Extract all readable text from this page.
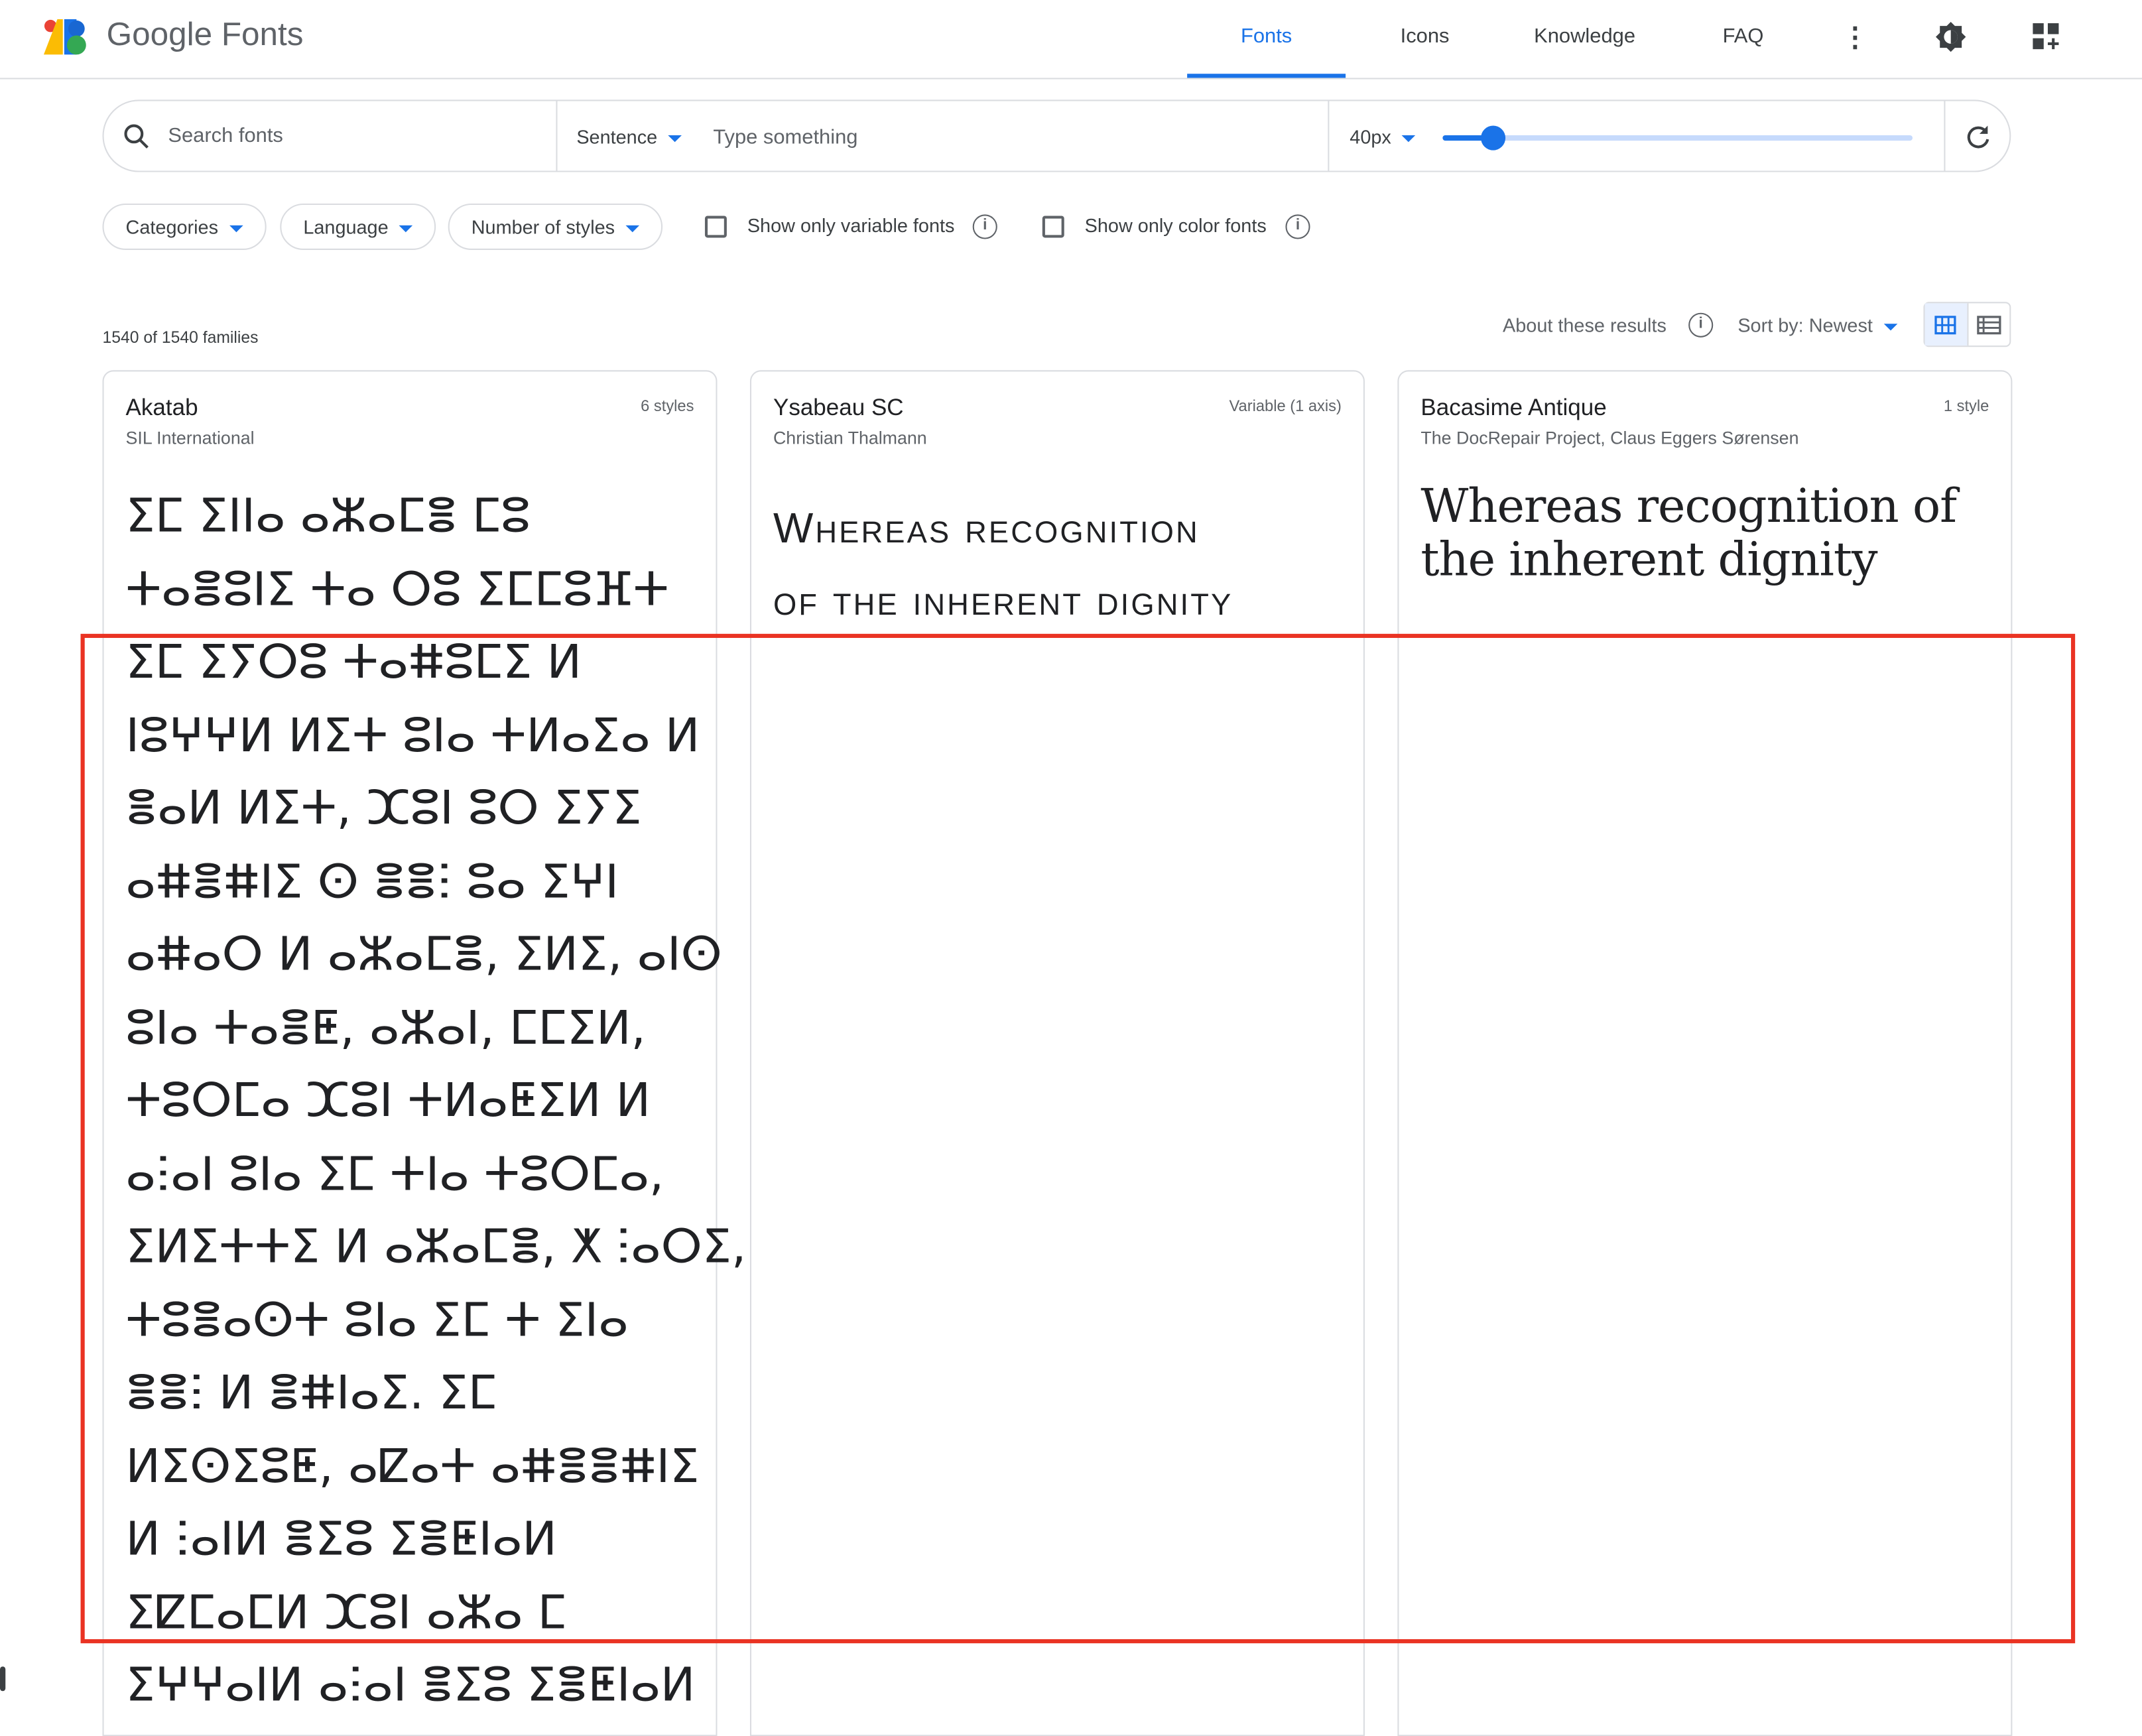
Google Fonts	Fonts	Icons	Knowledge	FAQ	⋮
Search fonts	Sentence	Type something	40px
Categories	Language	Number of styles	Show only variable fonts	i	Show only color fonts	i
1540 of 1540 families
About these results	i	Sort by: Newest
Akatab
SIL International
6 styles
ⵉⵎ ⵉⵏⵏⴰ ⴰⵣⴰⵎⴻ ⵎⵓ
ⵜⴰⴻⵓⵏⵉ ⵜⴰ ⵔⵓ ⵉⵎⵎⵓⴼⵜ
ⵉⵎ ⵉⵢⵔⵓ ⵜⴰⵌⵓⵎⵉ ⵍ
ⵏⵓⵖⵖⵍ ⵍⵉⵜ ⵓⵏⴰ ⵜⵍⴰⵉⴰ ⵍ
ⴻⴰⵍ ⵍⵉⵜ, ⵋⵓⵏ ⵓⵔ ⵉⵢⵉ
ⴰⵌⴻⵌⵏⵉ ⵙ ⴻⴻⵗ ⵓⴰ ⵉⵖⵏ
ⴰⵌⴰⵔ ⵍ ⴰⵣⴰⵎⴻ, ⵉⵍⵉ, ⴰⵏⵙ
ⵓⵏⴰ ⵜⴰⴻⵟ, ⴰⵣⴰⵏ, ⵎⵎⵉⵍ,
ⵜⵓⵔⵎⴰ ⵋⵓⵏ ⵜⵍⴰⵟⵉⵍ ⵍ
ⴰⵗⴰⵏ ⵓⵏⴰ ⵉⵎ ⵜⵏⴰ ⵜⵓⵔⵎⴰ,
ⵉⵍⵉⵜⵜⵉ ⵍ ⴰⵣⴰⵎⴻ, ⵅ ⵗⴰⵔⵉ,
ⵜⵓⴻⴰⵙⵜ ⵓⵏⴰ ⵉⵎ ⵜ ⵉⵏⴰ
ⴻⴻⵗ ⵍ ⴻⵌⵏⴰⵉ. ⵉⵎ
ⵍⵉⵙⵉⵓⵟ, ⴰⵇⴰⵜ ⴰⵌⴻⴻⵌⵏⵉ
ⵍ ⵗⴰⵏⵍ ⴻⵉⵓ ⵉⴻⵟⵏⴰⵍ
ⵉⵇⵎⴰⵎⵍ ⵋⵓⵏ ⴰⵣⴰ ⵎ
ⵉⵖⵖⴰⵏⵍ ⴰⵗⴰⵏ ⴻⵉⵓ ⵉⴻⵟⵏⴰⵍ
Ysabeau SC
Christian Thalmann
Variable (1 axis)
Whereas recognition
of the inherent dignity
Bacasime Antique
The DocRepair Project, Claus Eggers Sørensen
1 style
Whereas recognition of
the inherent dignity
